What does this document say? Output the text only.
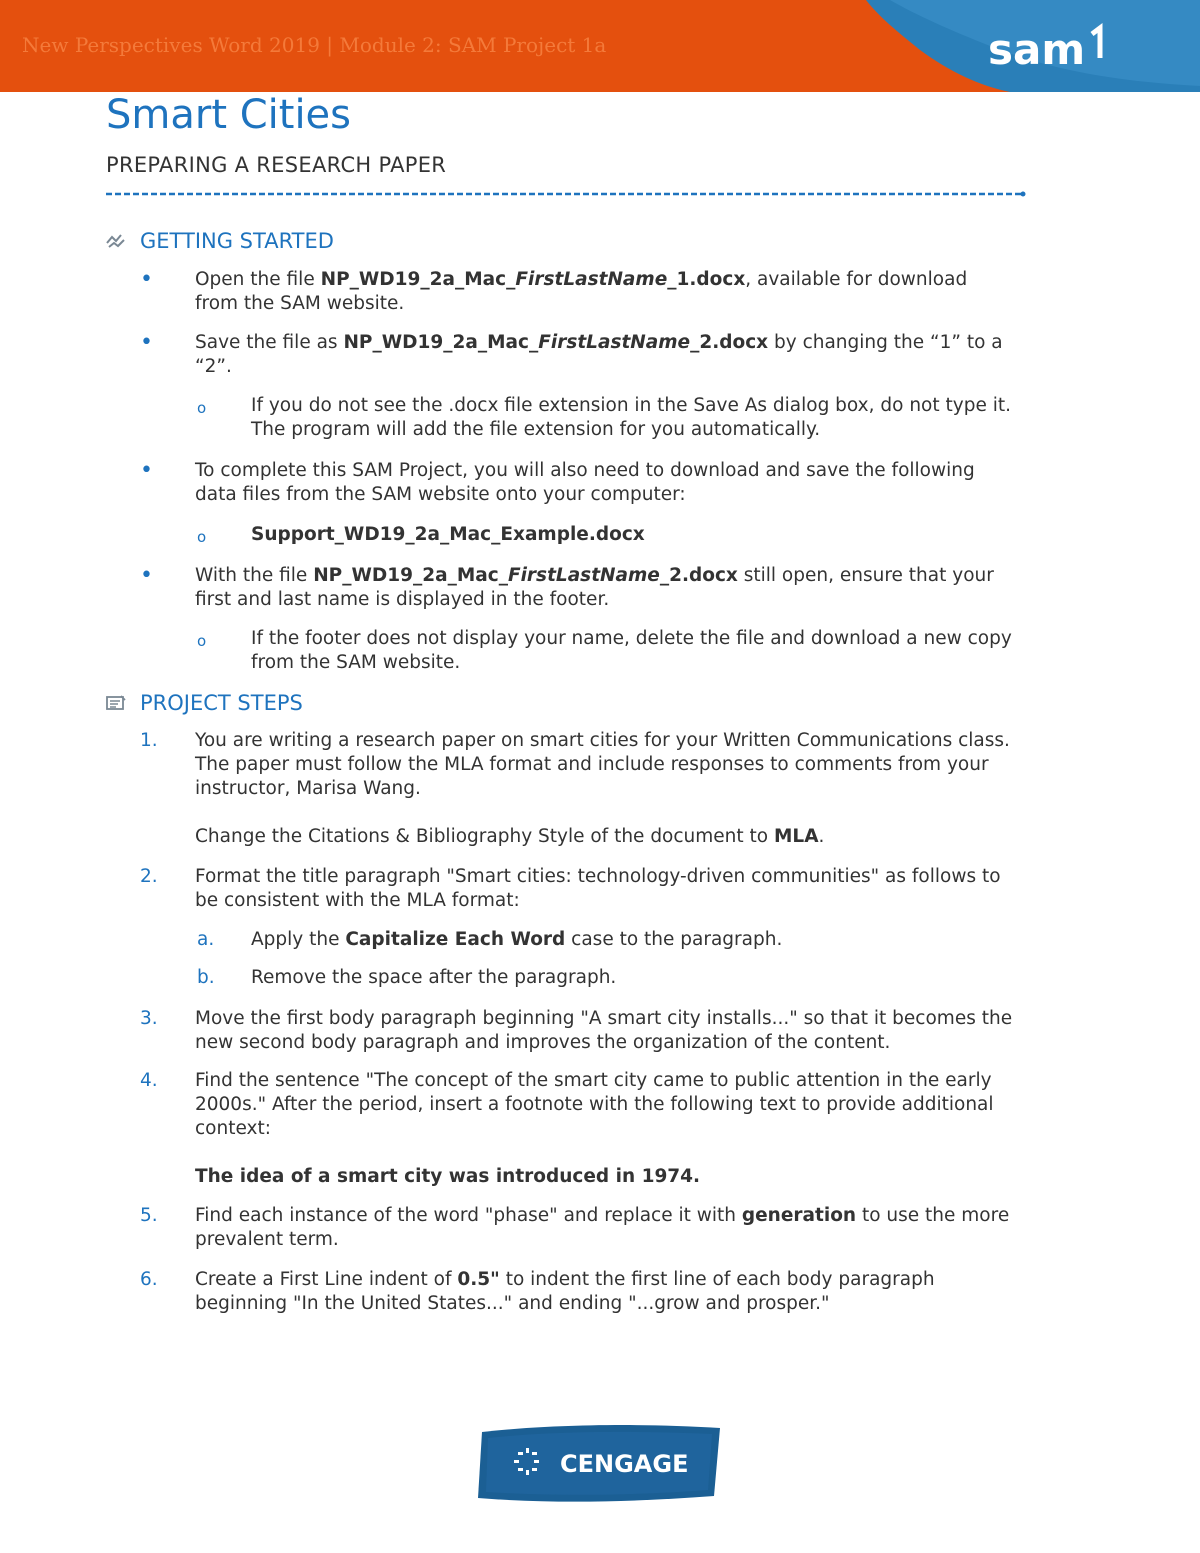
New Perspectives Word 2019 | Module 2: SAM Project 1a	sam
Smart Cities
PREPARING A RESEARCH PAPER
GETTING STARTED
• Open the file NP_WD19_2a_Mac_FirstLastName_1.docx, available for download
from the SAM website.
• Save the file as NP_WD19_2a_Mac_FirstLastName_2.docx by changing the “1” to a
“2”.
o If you do not see the .docx file extension in the Save As dialog box, do not type it.
The program will add the file extension for you automatically.
• To complete this SAM Project, you will also need to download and save the following
data files from the SAM website onto your computer:
o Support_WD19_2a_Mac_Example.docx
• With the file NP_WD19_2a_Mac_FirstLastName_2.docx still open, ensure that your
first and last name is displayed in the footer.
o If the footer does not display your name, delete the file and download a new copy
from the SAM website.
PROJECT STEPS
1. You are writing a research paper on smart cities for your Written Communications class.
The paper must follow the MLA format and include responses to comments from your
instructor, Marisa Wang.
Change the Citations & Bibliography Style of the document to MLA.
2. Format the title paragraph "Smart cities: technology-driven communities" as follows to
be consistent with the MLA format:
a. Apply the Capitalize Each Word case to the paragraph.
b. Remove the space after the paragraph.
3. Move the first body paragraph beginning "A smart city installs..." so that it becomes the
new second body paragraph and improves the organization of the content.
4. Find the sentence "The concept of the smart city came to public attention in the early
2000s." After the period, insert a footnote with the following text to provide additional
context:
The idea of a smart city was introduced in 1974.
5. Find each instance of the word "phase" and replace it with generation to use the more
prevalent term.
6. Create a First Line indent of 0.5" to indent the first line of each body paragraph
beginning "In the United States..." and ending "...grow and prosper."
CENGAGE
